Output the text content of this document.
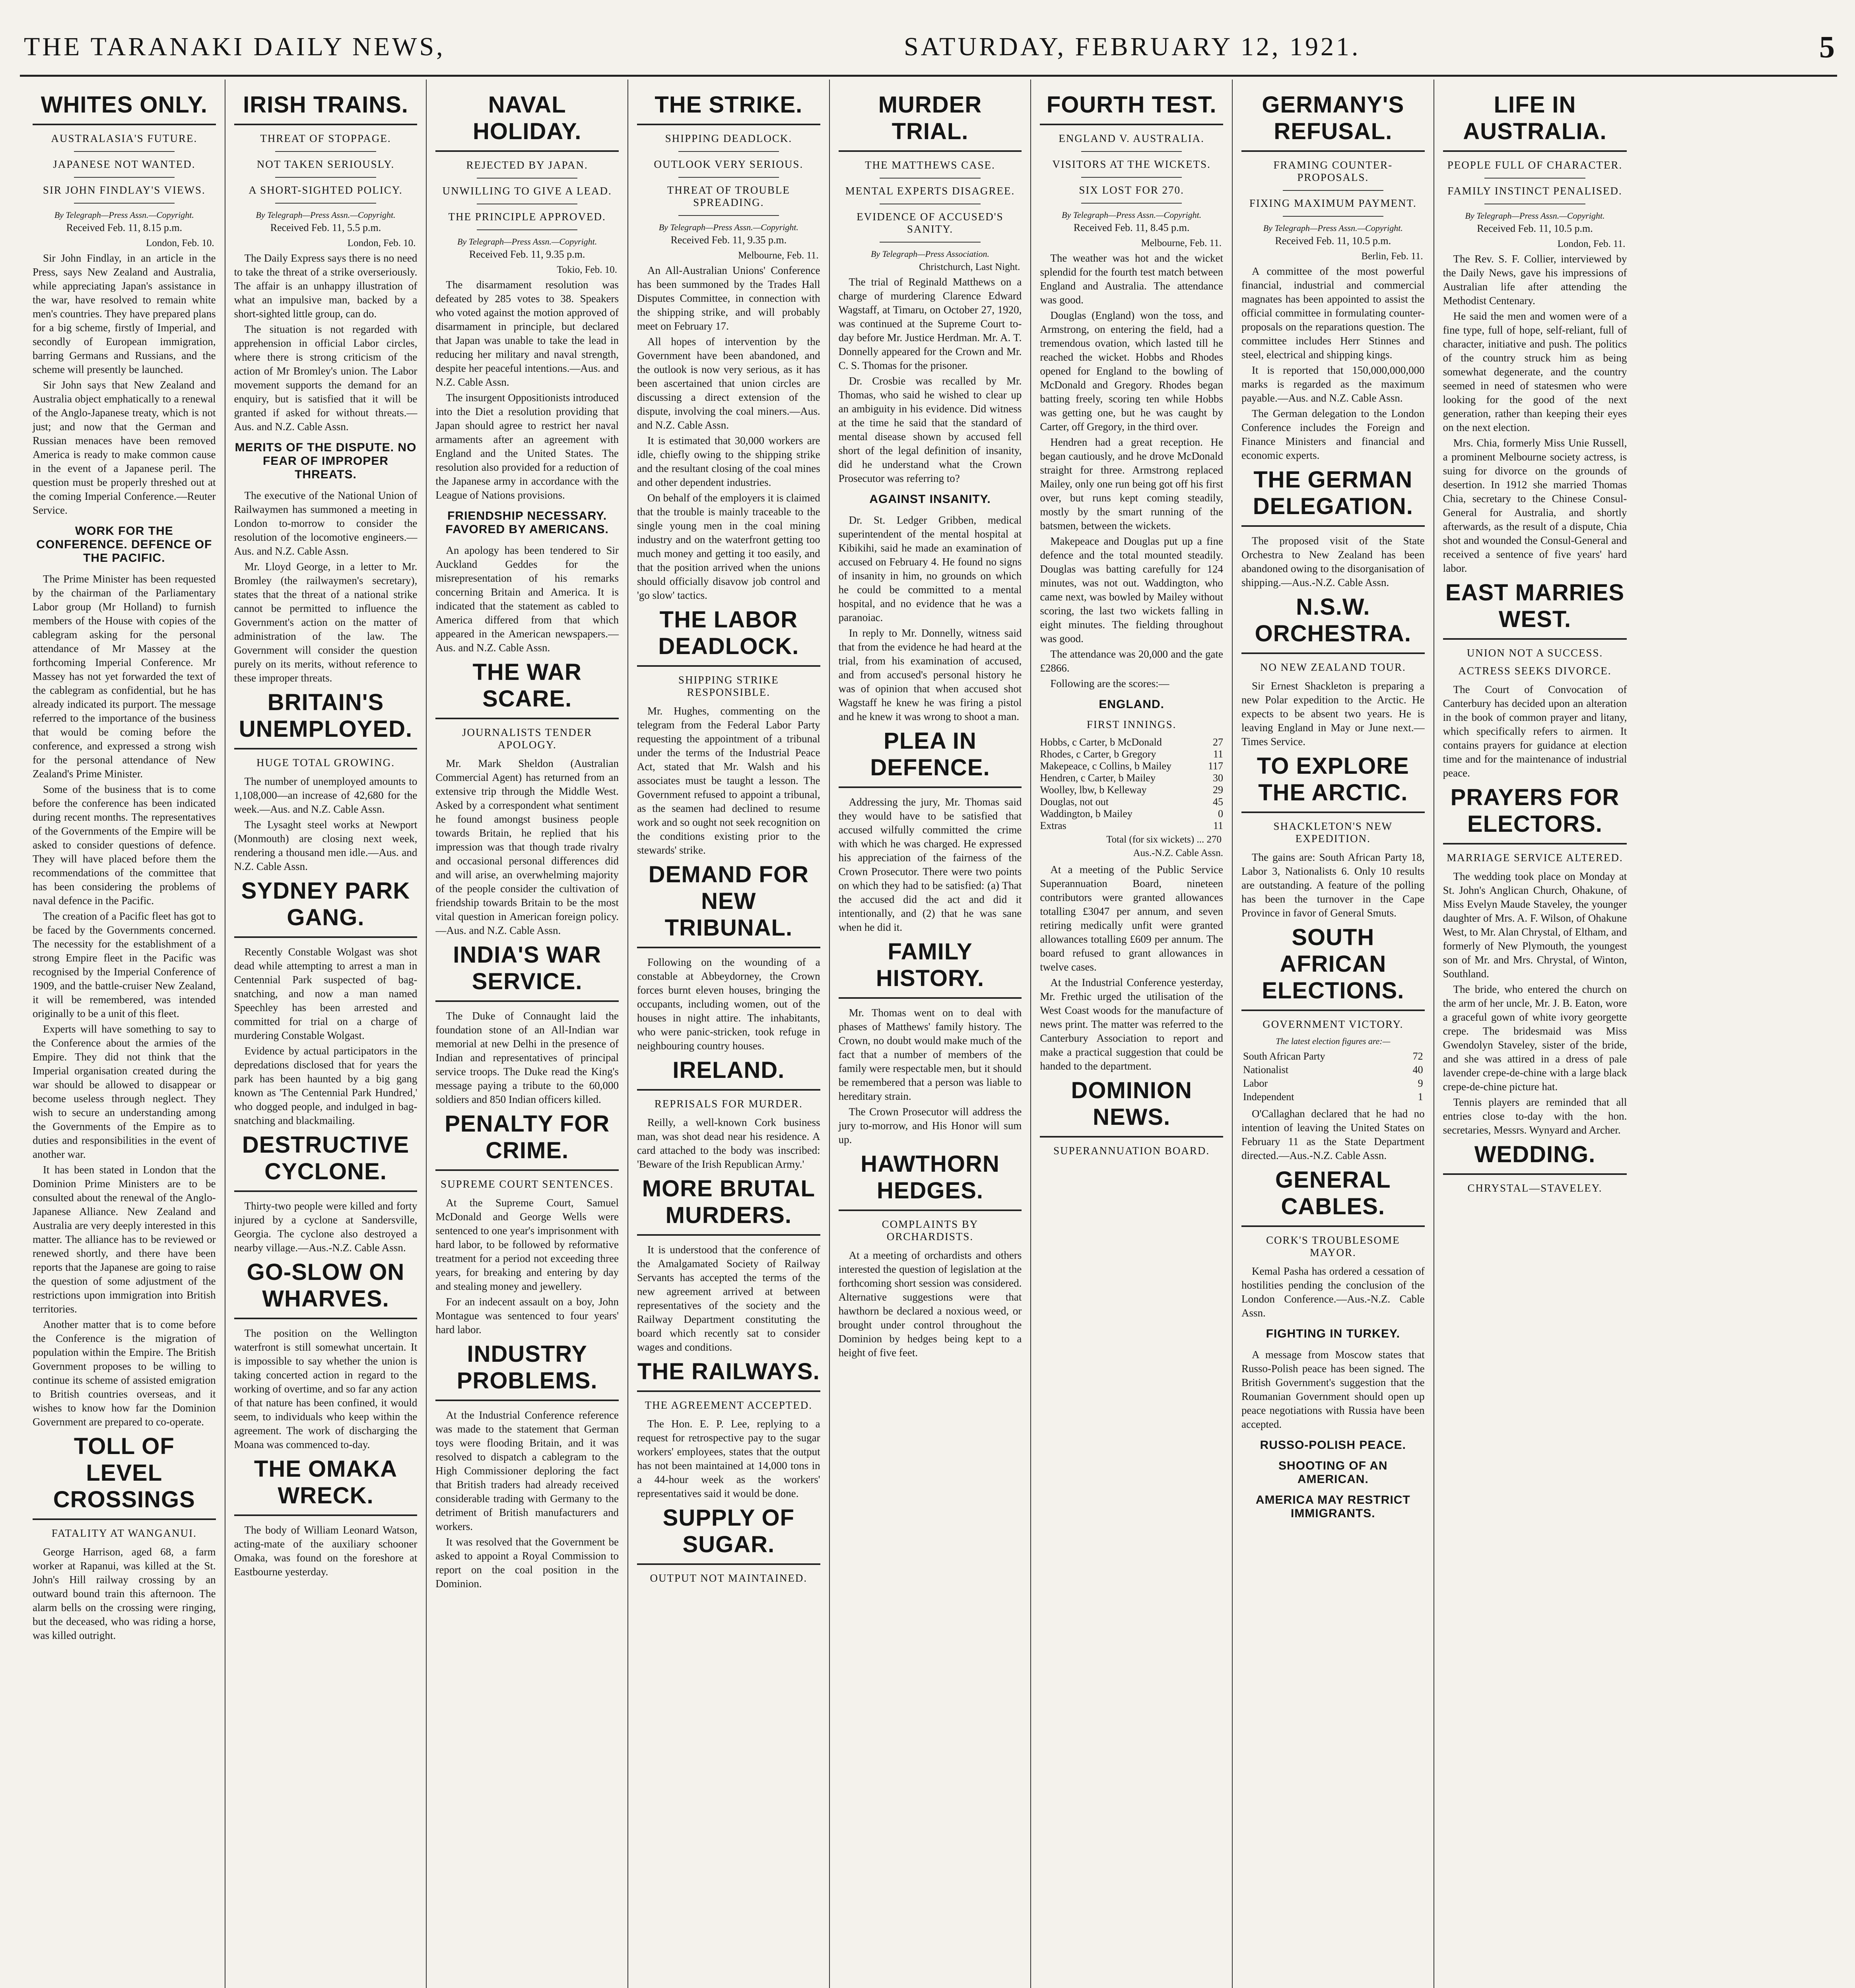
THE TARANAKI DAILY NEWS,	SATURDAY, FEBRUARY 12, 1921.	5
WHITES ONLY.
AUSTRALASIA'S FUTURE.
JAPANESE NOT WANTED.
SIR JOHN FINDLAY'S VIEWS.
By Telegraph—Press Assn.—Copyright.
Received Feb. 11, 8.15 p.m.
London, Feb. 10.

Sir John Findlay, in an article in the Press, says New Zealand and Australia, while appreciating Japan's assistance in the war, have resolved to remain white men's countries. They have prepared plans for a big scheme, firstly of Imperial, and secondly of European immigration, barring Germans and Russians, and the scheme will presently be launched.

Sir John says that New Zealand and Australia object emphatically to a renewal of the Anglo-Japanese treaty, which is not just; and now that the German and Russian menaces have been removed America is ready to make common cause in the event of a Japanese peril. The question must be properly threshed out at the coming Imperial Conference.—Reuter Service.

WORK FOR THE CONFERENCE. DEFENCE OF THE PACIFIC.

The Prime Minister has been requested by the chairman of the Parliamentary Labor group (Mr Holland) to furnish members of the House with copies of the cablegram asking for the personal attendance of Mr Massey at the forthcoming Imperial Conference. Mr Massey has not yet forwarded the text of the cablegram as confidential, but he has already indicated its purport. The message referred to the importance of the business that would be coming before the conference, and expressed a strong wish for the personal attendance of New Zealand's Prime Minister.

Some of the business that is to come before the conference has been indicated during recent months. The representatives of the Governments of the Empire will be asked to consider questions of defence. They will have placed before them the recommendations of the committee that has been considering the problems of naval defence in the Pacific.

The creation of a Pacific fleet has got to be faced by the Governments concerned. The necessity for the establishment of a strong Empire fleet in the Pacific was recognised by the Imperial Conference of 1909, and the battle-cruiser New Zealand, it will be remembered, was intended originally to be a unit of this fleet.

Experts will have something to say to the Conference about the armies of the Empire. They did not think that the Imperial organisation created during the war should be allowed to disappear or become useless through neglect. They wish to secure an understanding among the Governments of the Empire as to duties and responsibilities in the event of another war.

It has been stated in London that the Dominion Prime Ministers are to be consulted about the renewal of the Anglo-Japanese Alliance. New Zealand and Australia are very deeply interested in this matter. The alliance has to be reviewed or renewed shortly, and there have been reports that the Japanese are going to raise the question of some adjustment of the restrictions upon immigration into British territories.

Another matter that is to come before the Conference is the migration of population within the Empire. The British Government proposes to be willing to continue its scheme of assisted emigration to British countries overseas, and it wishes to know how far the Dominion Government are prepared to co-operate.

TOLL OF LEVEL CROSSINGS
FATALITY AT WANGANUI.

George Harrison, aged 68, a farm worker at Rapanui, was killed at the St. John's Hill railway crossing by an outward bound train this afternoon. The alarm bells on the crossing were ringing, but the deceased, who was riding a horse, was killed outright.

IRISH TRAINS.
THREAT OF STOPPAGE.
NOT TAKEN SERIOUSLY.
A SHORT-SIGHTED POLICY.
By Telegraph—Press Assn.—Copyright.
Received Feb. 11, 5.5 p.m.
London, Feb. 10.

The Daily Express says there is no need to take the threat of a strike overseriously. The affair is an unhappy illustration of what an impulsive man, backed by a short-sighted little group, can do.

The situation is not regarded with apprehension in official Labor circles, where there is strong criticism of the action of Mr Bromley's union. The Labor movement supports the demand for an enquiry, but is satisfied that it will be granted if asked for without threats.—Aus. and N.Z. Cable Assn.

MERITS OF THE DISPUTE. NO FEAR OF IMPROPER THREATS.

The executive of the National Union of Railwaymen has summoned a meeting in London to-morrow to consider the resolution of the locomotive engineers.—Aus. and N.Z. Cable Assn.

Mr. Lloyd George, in a letter to Mr. Bromley (the railwaymen's secretary), states that the threat of a national strike cannot be permitted to influence the Government's action on the matter of administration of the law. The Government will consider the question purely on its merits, without reference to these improper threats.

BRITAIN'S UNEMPLOYED.
HUGE TOTAL GROWING.

The number of unemployed amounts to 1,108,000—an increase of 42,680 for the week.—Aus. and N.Z. Cable Assn.

The Lysaght steel works at Newport (Monmouth) are closing next week, rendering a thousand men idle.—Aus. and N.Z. Cable Assn.

SYDNEY PARK GANG.

Recently Constable Wolgast was shot dead while attempting to arrest a man in Centennial Park suspected of bag-snatching, and now a man named Speechley has been arrested and committed for trial on a charge of murdering Constable Wolgast.

Evidence by actual participators in the depredations disclosed that for years the park has been haunted by a big gang known as 'The Centennial Park Hundred,' who dogged people, and indulged in bag-snatching and blackmailing.

DESTRUCTIVE CYCLONE.

Thirty-two people were killed and forty injured by a cyclone at Sandersville, Georgia. The cyclone also destroyed a nearby village.—Aus.-N.Z. Cable Assn.

GO-SLOW ON WHARVES.

The position on the Wellington waterfront is still somewhat uncertain. It is impossible to say whether the union is taking concerted action in regard to the working of overtime, and so far any action of that nature has been confined, it would seem, to individuals who keep within the agreement. The work of discharging the Moana was commenced to-day.

THE OMAKA WRECK.

The body of William Leonard Watson, acting-mate of the auxiliary schooner Omaka, was found on the foreshore at Eastbourne yesterday.

NAVAL HOLIDAY.
REJECTED BY JAPAN.
UNWILLING TO GIVE A LEAD.
THE PRINCIPLE APPROVED.
By Telegraph—Press Assn.—Copyright.
Received Feb. 11, 9.35 p.m.
Tokio, Feb. 10.

The disarmament resolution was defeated by 285 votes to 38. Speakers who voted against the motion approved of disarmament in principle, but declared that Japan was unable to take the lead in reducing her military and naval strength, despite her peaceful intentions.—Aus. and N.Z. Cable Assn.

The insurgent Oppositionists introduced into the Diet a resolution providing that Japan should agree to restrict her naval armaments after an agreement with England and the United States. The resolution also provided for a reduction of the Japanese army in accordance with the League of Nations provisions.

FRIENDSHIP NECESSARY. FAVORED BY AMERICANS.

An apology has been tendered to Sir Auckland Geddes for the misrepresentation of his remarks concerning Britain and America. It is indicated that the statement as cabled to America differed from that which appeared in the American newspapers.—Aus. and N.Z. Cable Assn.

THE WAR SCARE.
JOURNALISTS TENDER APOLOGY.

Mr. Mark Sheldon (Australian Commercial Agent) has returned from an extensive trip through the Middle West. Asked by a correspondent what sentiment he found amongst business people towards Britain, he replied that his impression was that though trade rivalry and occasional personal differences did and will arise, an overwhelming majority of the people consider the cultivation of friendship towards Britain to be the most vital question in American foreign policy.—Aus. and N.Z. Cable Assn.

INDIA'S WAR SERVICE.

The Duke of Connaught laid the foundation stone of an All-Indian war memorial at new Delhi in the presence of Indian and representatives of principal service troops. The Duke read the King's message paying a tribute to the 60,000 soldiers and 850 Indian officers killed.

PENALTY FOR CRIME.
SUPREME COURT SENTENCES.

At the Supreme Court, Samuel McDonald and George Wells were sentenced to one year's imprisonment with hard labor, to be followed by reformative treatment for a period not exceeding three years, for breaking and entering by day and stealing money and jewellery.

For an indecent assault on a boy, John Montague was sentenced to four years' hard labor.

INDUSTRY PROBLEMS.

At the Industrial Conference reference was made to the statement that German toys were flooding Britain, and it was resolved to dispatch a cablegram to the High Commissioner deploring the fact that British traders had already received considerable trading with Germany to the detriment of British manufacturers and workers.

It was resolved that the Government be asked to appoint a Royal Commission to report on the coal position in the Dominion.

THE STRIKE.
SHIPPING DEADLOCK.
OUTLOOK VERY SERIOUS.
THREAT OF TROUBLE SPREADING.
By Telegraph—Press Assn.—Copyright.
Received Feb. 11, 9.35 p.m.
Melbourne, Feb. 11.

An All-Australian Unions' Conference has been summoned by the Trades Hall Disputes Committee, in connection with the shipping strike, and will probably meet on February 17.

All hopes of intervention by the Government have been abandoned, and the outlook is now very serious, as it has been ascertained that union circles are discussing a direct extension of the dispute, involving the coal miners.—Aus. and N.Z. Cable Assn.

It is estimated that 30,000 workers are idle, chiefly owing to the shipping strike and the resultant closing of the coal mines and other dependent industries.

On behalf of the employers it is claimed that the trouble is mainly traceable to the single young men in the coal mining industry and on the waterfront getting too much money and getting it too easily, and that the position arrived when the unions should officially disavow job control and 'go slow' tactics.

THE LABOR DEADLOCK.
SHIPPING STRIKE RESPONSIBLE.

Mr. Hughes, commenting on the telegram from the Federal Labor Party requesting the appointment of a tribunal under the terms of the Industrial Peace Act, stated that Mr. Walsh and his associates must be taught a lesson. The Government refused to appoint a tribunal, as the seamen had declined to resume work and so ought not seek recognition on the conditions existing prior to the stewards' strike.

DEMAND FOR NEW TRIBUNAL.

Following on the wounding of a constable at Abbeydorney, the Crown forces burnt eleven houses, bringing the occupants, including women, out of the houses in night attire. The inhabitants, who were panic-stricken, took refuge in neighbouring country houses.

IRELAND.
REPRISALS FOR MURDER.

Reilly, a well-known Cork business man, was shot dead near his residence. A card attached to the body was inscribed: 'Beware of the Irish Republican Army.'

MORE BRUTAL MURDERS.

It is understood that the conference of the Amalgamated Society of Railway Servants has accepted the terms of the new agreement arrived at between representatives of the society and the Railway Department constituting the board which recently sat to consider wages and conditions.

THE RAILWAYS.
THE AGREEMENT ACCEPTED.

The Hon. E. P. Lee, replying to a request for retrospective pay to the sugar workers' employees, states that the output has not been maintained at 14,000 tons in a 44-hour week as the workers' representatives said it would be done.

SUPPLY OF SUGAR.
OUTPUT NOT MAINTAINED.
MURDER TRIAL.
THE MATTHEWS CASE.
MENTAL EXPERTS DISAGREE.
EVIDENCE OF ACCUSED'S SANITY.
By Telegraph—Press Association.
Christchurch, Last Night.

The trial of Reginald Matthews on a charge of murdering Clarence Edward Wagstaff, at Timaru, on October 27, 1920, was continued at the Supreme Court to-day before Mr. Justice Herdman. Mr. A. T. Donnelly appeared for the Crown and Mr. C. S. Thomas for the prisoner.

Dr. Crosbie was recalled by Mr. Thomas, who said he wished to clear up an ambiguity in his evidence. Did witness at the time he said that the standard of mental disease shown by accused fell short of the legal definition of insanity, did he understand what the Crown Prosecutor was referring to?

AGAINST INSANITY.

Dr. St. Ledger Gribben, medical superintendent of the mental hospital at Kibikihi, said he made an examination of accused on February 4. He found no signs of insanity in him, no grounds on which he could be committed to a mental hospital, and no evidence that he was a paranoiac.

In reply to Mr. Donnelly, witness said that from the evidence he had heard at the trial, from his examination of accused, and from accused's personal history he was of opinion that when accused shot Wagstaff he knew he was firing a pistol and he knew it was wrong to shoot a man.

PLEA IN DEFENCE.

Addressing the jury, Mr. Thomas said they would have to be satisfied that accused wilfully committed the crime with which he was charged. He expressed his appreciation of the fairness of the Crown Prosecutor. There were two points on which they had to be satisfied: (a) That the accused did the act and did it intentionally, and (2) that he was sane when he did it.

FAMILY HISTORY.

Mr. Thomas went on to deal with phases of Matthews' family history. The Crown, no doubt would make much of the fact that a number of members of the family were respectable men, but it should be remembered that a person was liable to hereditary strain.

The Crown Prosecutor will address the jury to-morrow, and His Honor will sum up.

HAWTHORN HEDGES.
COMPLAINTS BY ORCHARDISTS.

At a meeting of orchardists and others interested the question of legislation at the forthcoming short session was considered. Alternative suggestions were that hawthorn be declared a noxious weed, or brought under control throughout the Dominion by hedges being kept to a height of five feet.

FOURTH TEST.
ENGLAND V. AUSTRALIA.
VISITORS AT THE WICKETS.
SIX LOST FOR 270.
By Telegraph—Press Assn.—Copyright.
Received Feb. 11, 8.45 p.m.
Melbourne, Feb. 11.

The weather was hot and the wicket splendid for the fourth test match between England and Australia. The attendance was good.

Douglas (England) won the toss, and Armstrong, on entering the field, had a tremendous ovation, which lasted till he reached the wicket. Hobbs and Rhodes opened for England to the bowling of McDonald and Gregory. Rhodes began batting freely, scoring ten while Hobbs was getting one, but he was caught by Carter, off Gregory, in the third over.

Hendren had a great reception. He began cautiously, and he drove McDonald straight for three. Armstrong replaced Mailey, only one run being got off his first over, but runs kept coming steadily, mostly by the smart running of the batsmen, between the wickets.

Makepeace and Douglas put up a fine defence and the total mounted steadily. Douglas was batting carefully for 124 minutes, was not out. Waddington, who came next, was bowled by Mailey without scoring, the last two wickets falling in eight minutes. The fielding throughout was good.

The attendance was 20,000 and the gate £2866.

Following are the scores:—

ENGLAND.
FIRST INNINGS.
Hobbs, c Carter, b McDonald	27
Rhodes, c Carter, b Gregory	11
Makepeace, c Collins, b Mailey	117
Hendren, c Carter, b Mailey	30
Woolley, lbw, b Kelleway	29
Douglas, not out	45
Waddington, b Mailey	0
Extras	11
Total (for six wickets) ... 270
Aus.-N.Z. Cable Assn.

At a meeting of the Public Service Superannuation Board, nineteen contributors were granted allowances totalling £3047 per annum, and seven retiring medically unfit were granted allowances totalling £609 per annum. The board refused to grant allowances in twelve cases.

At the Industrial Conference yesterday, Mr. Frethic urged the utilisation of the West Coast woods for the manufacture of news print. The matter was referred to the Canterbury Association to report and make a practical suggestion that could be handed to the department.

DOMINION NEWS.
SUPERANNUATION BOARD.
GERMANY'S REFUSAL.
FRAMING COUNTER-PROPOSALS.
FIXING MAXIMUM PAYMENT.
By Telegraph—Press Assn.—Copyright.
Received Feb. 11, 10.5 p.m.
Berlin, Feb. 11.

A committee of the most powerful financial, industrial and commercial magnates has been appointed to assist the official committee in formulating counter-proposals on the reparations question. The committee includes Herr Stinnes and steel, electrical and shipping kings.

It is reported that 150,000,000,000 marks is regarded as the maximum payable.—Aus. and N.Z. Cable Assn.

The German delegation to the London Conference includes the Foreign and Finance Ministers and financial and economic experts.

THE GERMAN DELEGATION.

The proposed visit of the State Orchestra to New Zealand has been abandoned owing to the disorganisation of shipping.—Aus.-N.Z. Cable Assn.

N.S.W. ORCHESTRA.
NO NEW ZEALAND TOUR.

Sir Ernest Shackleton is preparing a new Polar expedition to the Arctic. He expects to be absent two years. He is leaving England in May or June next.—Times Service.

TO EXPLORE THE ARCTIC.
SHACKLETON'S NEW EXPEDITION.

The gains are: South African Party 18, Labor 3, Nationalists 6. Only 10 results are outstanding. A feature of the polling has been the turnover in the Cape Province in favor of General Smuts.

SOUTH AFRICAN ELECTIONS.
GOVERNMENT VICTORY.
The latest election figures are:—
South African Party	72
Nationalist	40
Labor	9
Independent	1

O'Callaghan declared that he had no intention of leaving the United States on February 11 as the State Department directed.—Aus.-N.Z. Cable Assn.

GENERAL CABLES.
CORK'S TROUBLESOME MAYOR.

Kemal Pasha has ordered a cessation of hostilities pending the conclusion of the London Conference.—Aus.-N.Z. Cable Assn.

FIGHTING IN TURKEY.

A message from Moscow states that Russo-Polish peace has been signed. The British Government's suggestion that the Roumanian Government should open up peace negotiations with Russia have been accepted.

RUSSO-POLISH PEACE.
SHOOTING OF AN AMERICAN.
AMERICA MAY RESTRICT IMMIGRANTS.
LIFE IN AUSTRALIA.
PEOPLE FULL OF CHARACTER.
FAMILY INSTINCT PENALISED.
By Telegraph—Press Assn.—Copyright.
Received Feb. 11, 10.5 p.m.
London, Feb. 11.

The Rev. S. F. Collier, interviewed by the Daily News, gave his impressions of Australian life after attending the Methodist Centenary.

He said the men and women were of a fine type, full of hope, self-reliant, full of character, initiative and push. The politics of the country struck him as being somewhat degenerate, and the country seemed in need of statesmen who were looking for the good of the next generation, rather than keeping their eyes on the next election.

Mrs. Chia, formerly Miss Unie Russell, a prominent Melbourne society actress, is suing for divorce on the grounds of desertion. In 1912 she married Thomas Chia, secretary to the Chinese Consul-General for Australia, and shortly afterwards, as the result of a dispute, Chia shot and wounded the Consul-General and received a sentence of five years' hard labor.

EAST MARRIES WEST.
UNION NOT A SUCCESS.
ACTRESS SEEKS DIVORCE.

The Court of Convocation of Canterbury has decided upon an alteration in the book of common prayer and litany, which specifically refers to airmen. It contains prayers for guidance at election time and for the maintenance of industrial peace.

PRAYERS FOR ELECTORS.
MARRIAGE SERVICE ALTERED.

The wedding took place on Monday at St. John's Anglican Church, Ohakune, of Miss Evelyn Maude Staveley, the younger daughter of Mrs. A. F. Wilson, of Ohakune West, to Mr. Alan Chrystal, of Eltham, and formerly of New Plymouth, the youngest son of Mr. and Mrs. Chrystal, of Winton, Southland.

The bride, who entered the church on the arm of her uncle, Mr. J. B. Eaton, wore a graceful gown of white ivory georgette crepe. The bridesmaid was Miss Gwendolyn Staveley, sister of the bride, and she was attired in a dress of pale lavender crepe-de-chine with a large black crepe-de-chine picture hat.

Tennis players are reminded that all entries close to-day with the hon. secretaries, Messrs. Wynyard and Archer.

WEDDING.
CHRYSTAL—STAVELEY.
